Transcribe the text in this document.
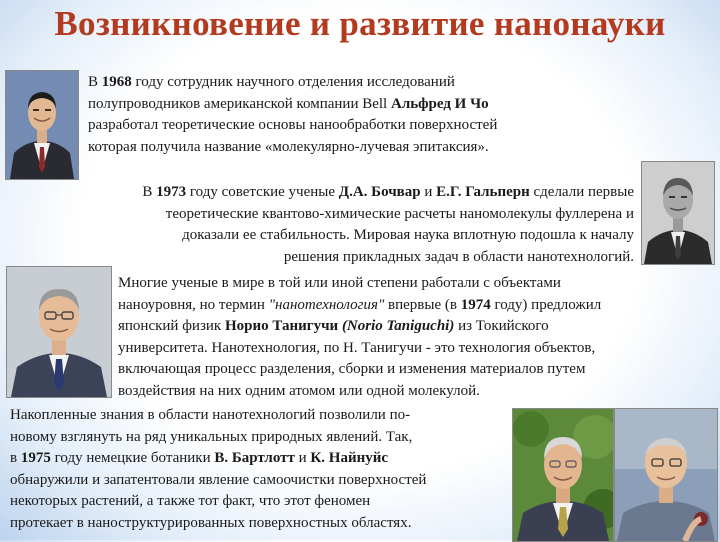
Возникновение и развитие нанонауки
В 1968 году сотрудник научного отделения исследований
полупроводников американской компании Bell Альфред И Чо
разработал теоретические основы нанообработки поверхностей
которая получила название «молекулярно-лучевая эпитаксия».
В 1973 году советские ученые Д.А. Бочвар и Е.Г. Гальперн сделали первые
теоретические квантово-химические расчеты наномолекулы фуллерена и
доказали ее стабильность. Мировая наука вплотную подошла к началу
решения прикладных задач в области нанотехнологий.
Многие ученые в мире в той или иной степени работали с объектами
наноуровня, но термин "нанотехнология" впервые (в 1974 году) предложил
японский физик Норио Танигучи (Norio Taniguchi) из Токийского
университета. Нанотехнология, по Н. Танигучи - это технология объектов,
включающая процесс разделения, сборки и изменения материалов путем
воздействия на них одним атомом или одной молекулой.
Накопленные знания в области нанотехнологий позволили по-
новому взглянуть на ряд уникальных природных явлений. Так,
в 1975 году немецкие ботаники В. Бартлотт и К. Найнуйс
обнаружили и запатентовали явление самоочистки поверхностей
некоторых растений, а также тот факт, что этот феномен
протекает в наноструктурированных поверхностных областях.
